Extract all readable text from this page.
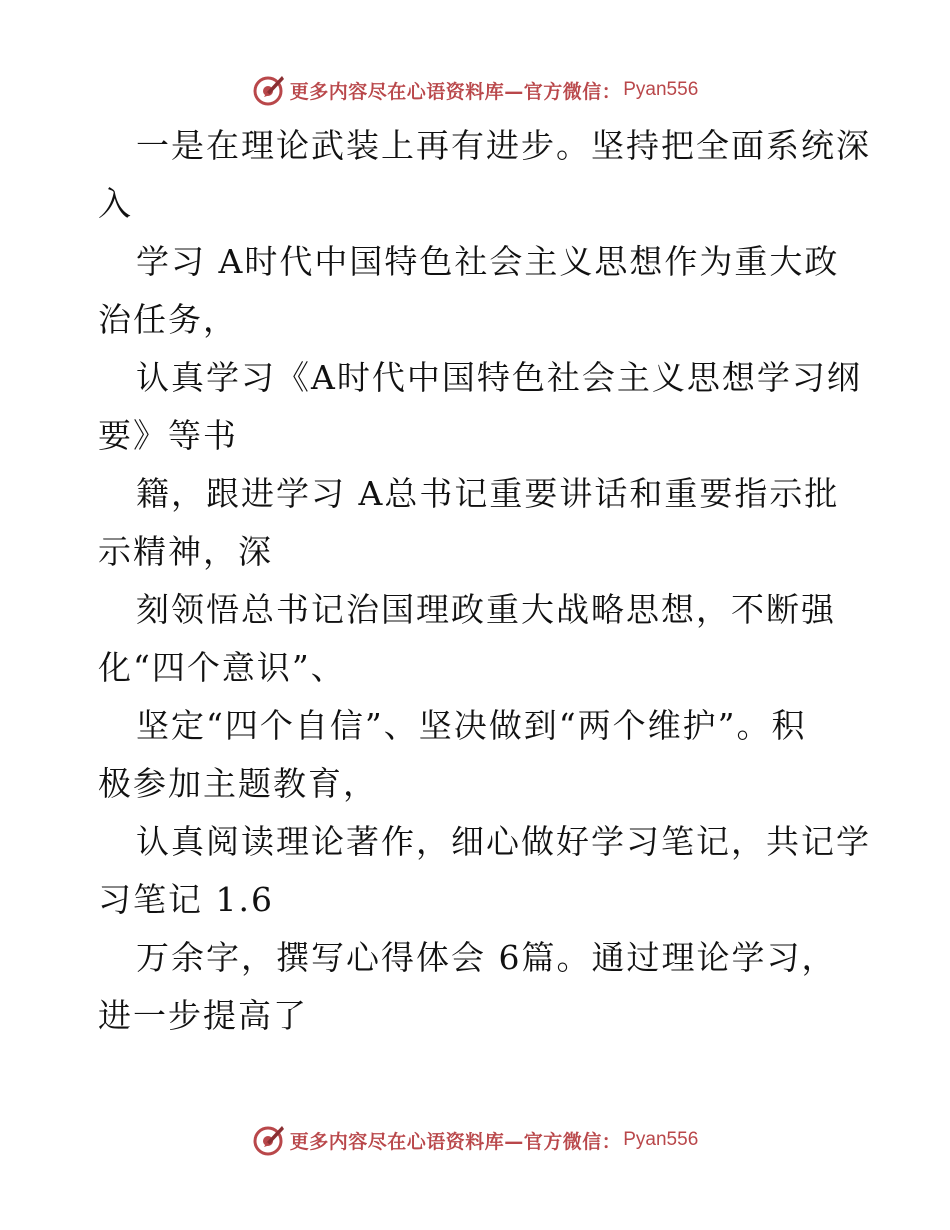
更多内容尽在心语资料库—官方微信： Pyan556
一是在理论武装上再有进步。坚持把全面系统深
入
学习 A时代中国特色社会主义思想作为重大政
治任务，
认真学习《A时代中国特色社会主义思想学习纲
要》等书
籍，跟进学习 A总书记重要讲话和重要指示批
示精神，深
刻领悟总书记治国理政重大战略思想，不断强
化“四个意识”、
坚定“四个自信”、坚决做到“两个维护”。积
极参加主题教育，
认真阅读理论著作，细心做好学习笔记，共记学
习笔记 1.6
万余字，撰写心得体会 6篇。通过理论学习，
进一步提高了
更多内容尽在心语资料库—官方微信： Pyan556
